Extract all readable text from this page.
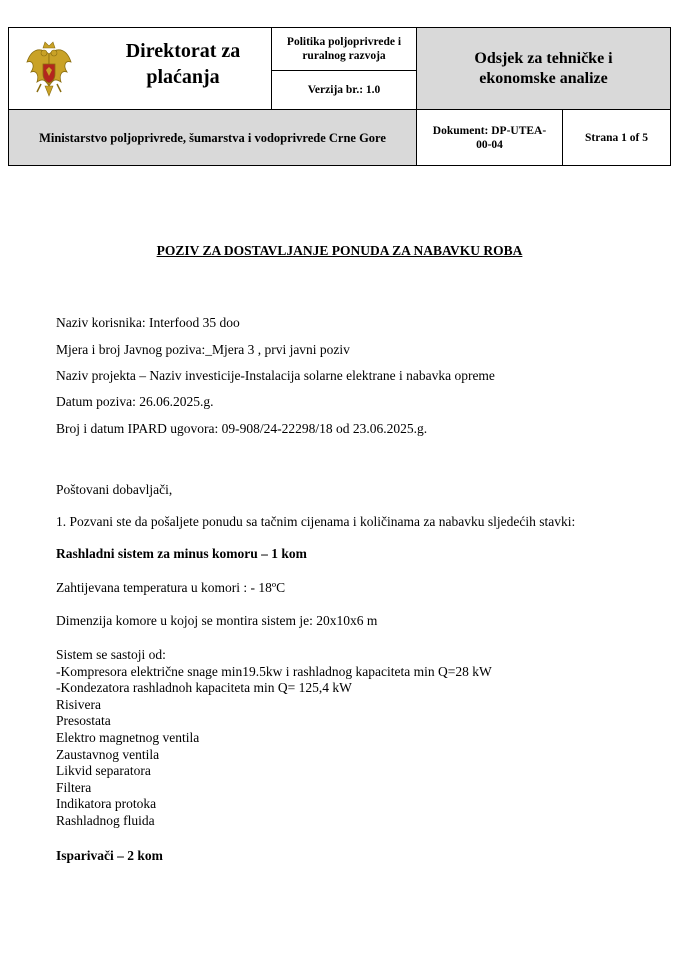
Direktorat za plaćanja
Politika poljoprivrede i ruralnog razvoja
Verzija br.: 1.0
Odsjek za tehničke i ekonomske analize
Ministarstvo poljoprivrede, šumarstva i vodoprivrede Crne Gore	Dokument: DP-UTEA-00-04
Strana 1 of 5
POZIV ZA DOSTAVLJANJE PONUDA ZA NABAVKU ROBA
Naziv korisnika: Interfood 35 doo
Mjera i broj Javnog poziva:_Mjera 3 , prvi javni poziv
Naziv projekta – Naziv investicije-Instalacija solarne elektrane i nabavka opreme
Datum poziva: 26.06.2025.g.
Broj i datum IPARD ugovora: 09-908/24-22298/18 od 23.06.2025.g.
Poštovani dobavljači,
1. Pozvani ste da pošaljete ponudu sa tačnim cijenama i količinama za nabavku sljedećih stavki:
Rashladni sistem za minus komoru – 1 kom
Zahtijevana temperatura u komori : - 18ºC
Dimenzija komore u kojoj se montira sistem je: 20x10x6 m
Sistem se sastoji od:
-Kompresora električne snage min19.5kw i rashladnog kapaciteta min Q=28 kW
-Kondezatora rashladnoh kapaciteta min Q= 125,4 kW
Risivera
Presostata
Elektro magnetnog ventila
Zaustavnog ventila
Likvid separatora
Filtera
Indikatora protoka
Rashladnog fluida
Isparivači – 2 kom
